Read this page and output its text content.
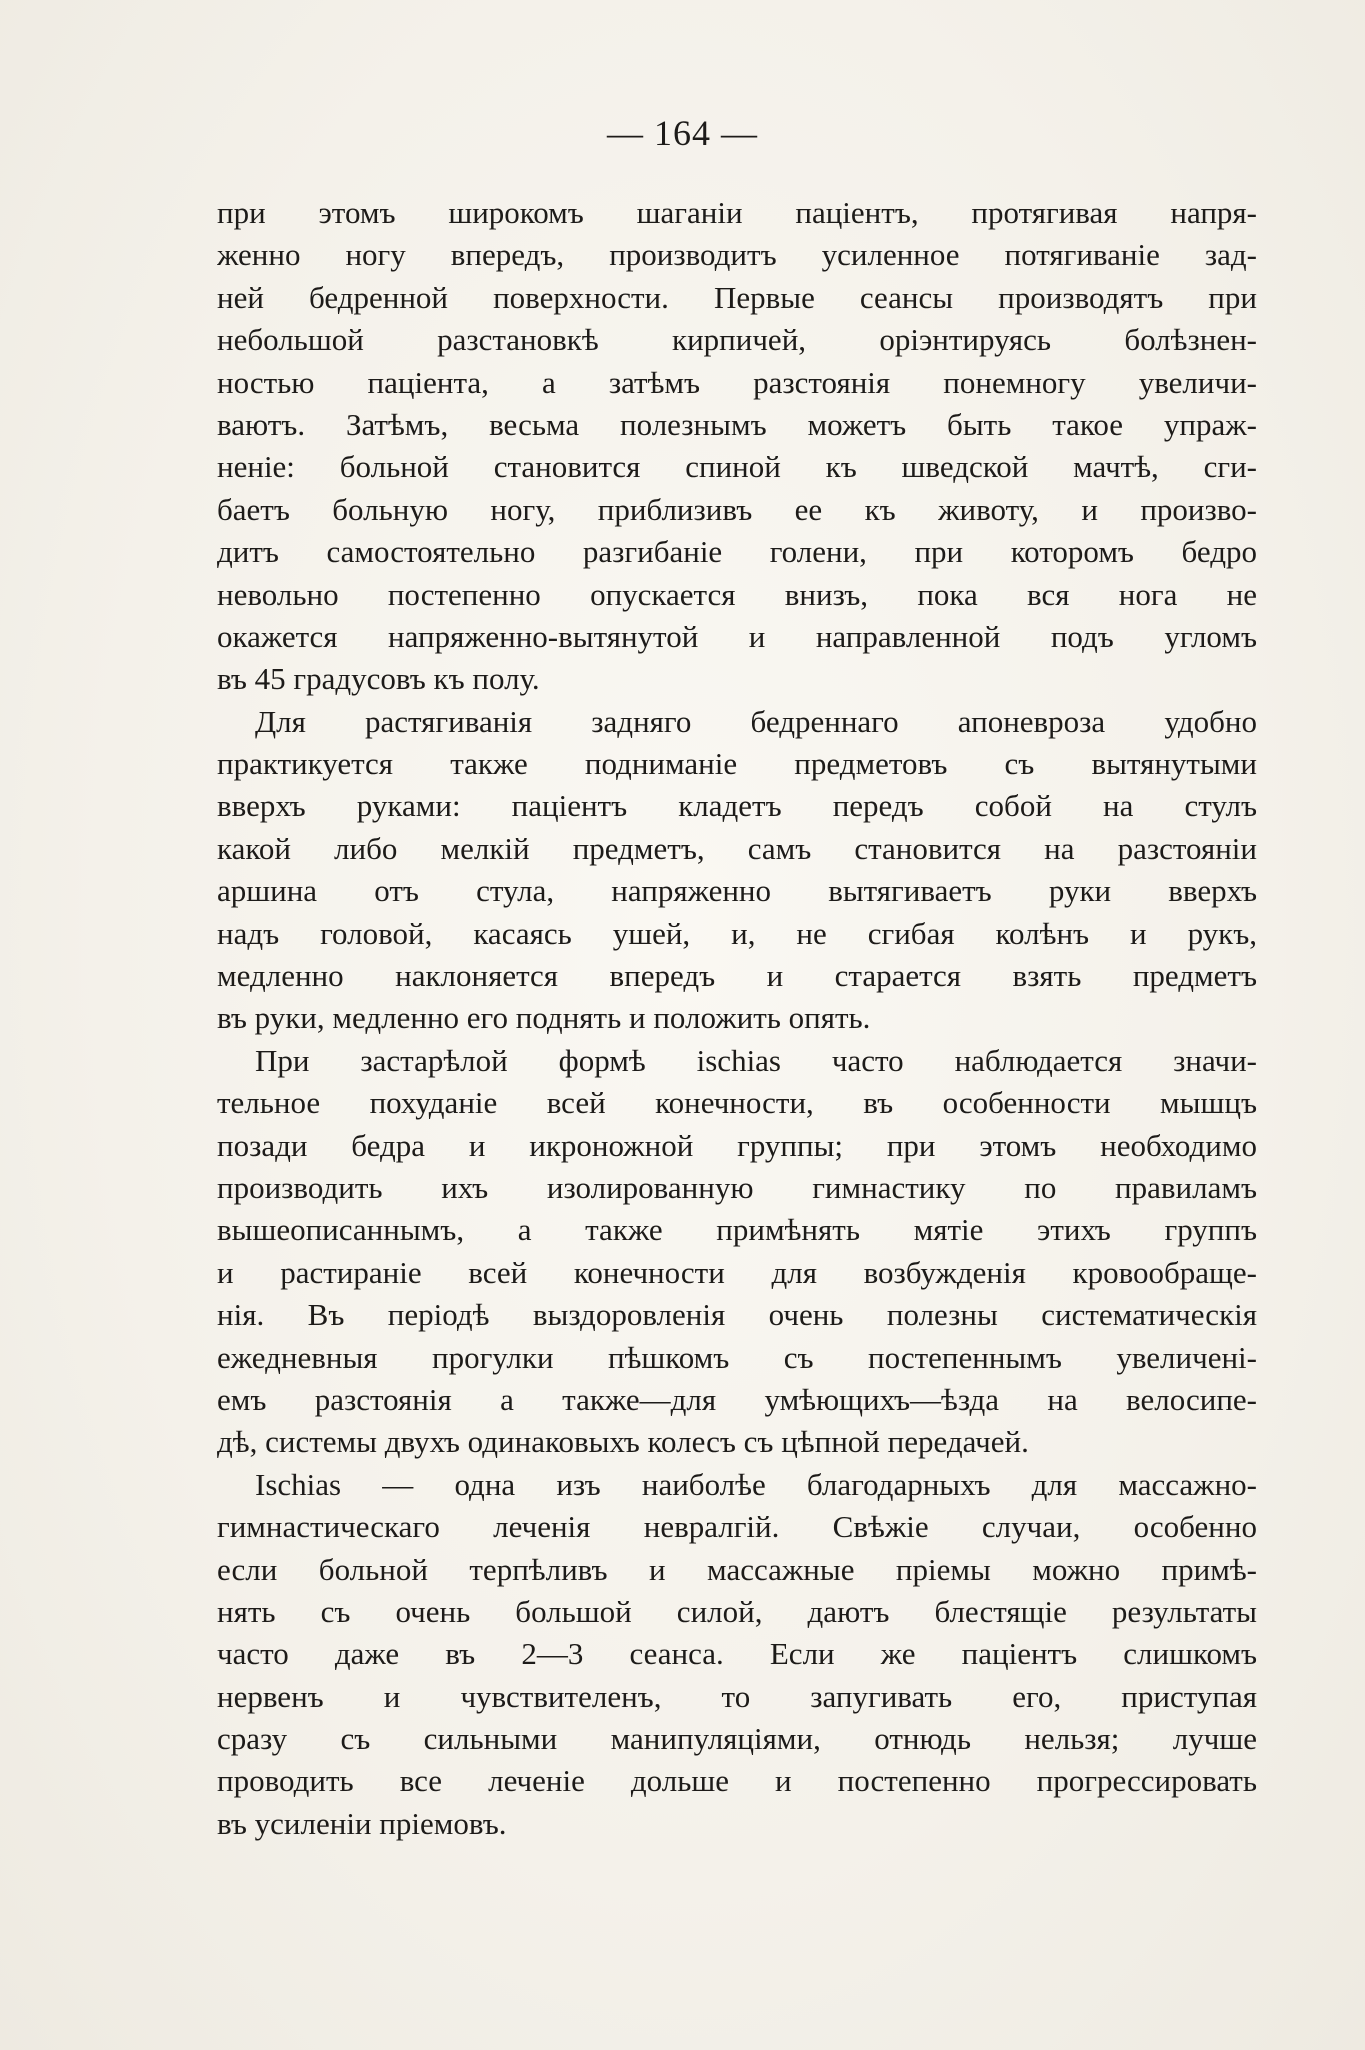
— 164 —
при этомъ широкомъ шаганіи паціентъ, протягивая напря-
женно ногу впередъ, производитъ усиленное потягиваніе зад-
ней бедренной поверхности. Первые сеансы производятъ при
небольшой разстановкѣ кирпичей, оріэнтируясь болѣзнен-
ностью паціента, а затѣмъ разстоянія понемногу увеличи-
ваютъ. Затѣмъ, весьма полезнымъ можетъ быть такое упраж-
неніе: больной становится спиной къ шведской мачтѣ, сги-
баетъ больную ногу, приблизивъ ее къ животу, и произво-
дитъ самостоятельно разгибаніе голени, при которомъ бедро
невольно постепенно опускается внизъ, пока вся нога не
окажется напряженно-вытянутой и направленной подъ угломъ
въ 45 градусовъ къ полу.
Для растягиванія задняго бедреннаго апоневроза удобно
практикуется также подниманіе предметовъ съ вытянутыми
вверхъ руками: паціентъ кладетъ передъ собой на стулъ
какой либо мелкій предметъ, самъ становится на разстояніи
аршина отъ стула, напряженно вытягиваетъ руки вверхъ
надъ головой, касаясь ушей, и, не сгибая колѣнъ и рукъ,
медленно наклоняется впередъ и старается взять предметъ
въ руки, медленно его поднять и положить опять.
При застарѣлой формѣ ischias часто наблюдается значи-
тельное похуданіе всей конечности, въ особенности мышцъ
позади бедра и икроножной группы; при этомъ необходимо
производить ихъ изолированную гимнастику по правиламъ
вышеописаннымъ, а также примѣнять мятіе этихъ группъ
и растираніе всей конечности для возбужденія кровообраще-
нія. Въ періодѣ выздоровленія очень полезны систематическія
ежедневныя прогулки пѣшкомъ съ постепеннымъ увеличені-
емъ разстоянія а также—для умѣющихъ—ѣзда на велосипе-
дѣ, системы двухъ одинаковыхъ колесъ съ цѣпной передачей.
Ischias — одна изъ наиболѣе благодарныхъ для массажно-
гимнастическаго леченія невралгій. Свѣжіе случаи, особенно
если больной терпѣливъ и массажные пріемы можно примѣ-
нять съ очень большой силой, даютъ блестящіе результаты
часто даже въ 2—3 сеанса. Если же паціентъ слишкомъ
нервенъ и чувствителенъ, то запугивать его, приступая
сразу съ сильными манипуляціями, отнюдь нельзя; лучше
проводить все леченіе дольше и постепенно прогрессировать
въ усиленіи пріемовъ.
